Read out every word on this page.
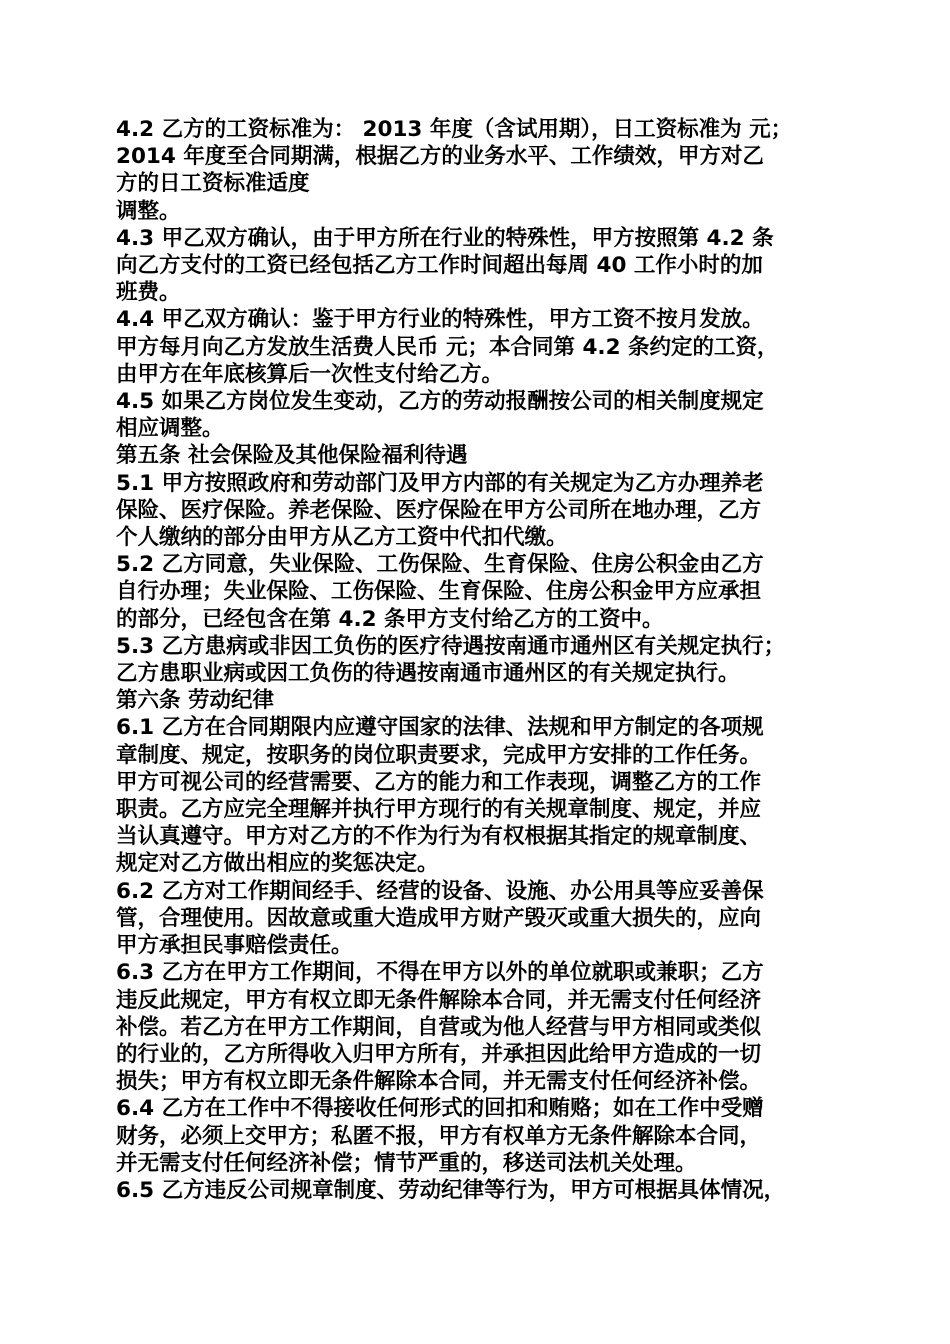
4.2 乙方的工资标准为： 2013 年度（含试用期），日工资标准为 元；
2014 年度至合同期满，根据乙方的业务水平、工作绩效，甲方对乙
方的日工资标准适度
调整。
4.3 甲乙双方确认，由于甲方所在行业的特殊性，甲方按照第 4.2 条
向乙方支付的工资已经包括乙方工作时间超出每周 40 工作小时的加
班费。
4.4 甲乙双方确认：鉴于甲方行业的特殊性，甲方工资不按月发放。
甲方每月向乙方发放生活费人民币 元；本合同第 4.2 条约定的工资，
由甲方在年底核算后一次性支付给乙方。
4.5 如果乙方岗位发生变动，乙方的劳动报酬按公司的相关制度规定
相应调整。
第五条 社会保险及其他保险福利待遇
5.1 甲方按照政府和劳动部门及甲方内部的有关规定为乙方办理养老
保险、医疗保险。养老保险、医疗保险在甲方公司所在地办理，乙方
个人缴纳的部分由甲方从乙方工资中代扣代缴。
5.2 乙方同意，失业保险、工伤保险、生育保险、住房公积金由乙方
自行办理；失业保险、工伤保险、生育保险、住房公积金甲方应承担
的部分，已经包含在第 4.2 条甲方支付给乙方的工资中。
5.3 乙方患病或非因工负伤的医疗待遇按南通市通州区有关规定执行；
乙方患职业病或因工负伤的待遇按南通市通州区的有关规定执行。
第六条 劳动纪律
6.1 乙方在合同期限内应遵守国家的法律、法规和甲方制定的各项规
章制度、规定，按职务的岗位职责要求，完成甲方安排的工作任务。
甲方可视公司的经营需要、乙方的能力和工作表现，调整乙方的工作
职责。乙方应完全理解并执行甲方现行的有关规章制度、规定，并应
当认真遵守。甲方对乙方的不作为行为有权根据其指定的规章制度、
规定对乙方做出相应的奖惩决定。
6.2 乙方对工作期间经手、经营的设备、设施、办公用具等应妥善保
管，合理使用。因故意或重大造成甲方财产毁灭或重大损失的，应向
甲方承担民事赔偿责任。
6.3 乙方在甲方工作期间，不得在甲方以外的单位就职或兼职；乙方
违反此规定，甲方有权立即无条件解除本合同，并无需支付任何经济
补偿。若乙方在甲方工作期间，自营或为他人经营与甲方相同或类似
的行业的，乙方所得收入归甲方所有，并承担因此给甲方造成的一切
损失；甲方有权立即无条件解除本合同，并无需支付任何经济补偿。
6.4 乙方在工作中不得接收任何形式的回扣和贿赂；如在工作中受赠
财务，必须上交甲方；私匿不报，甲方有权单方无条件解除本合同，
并无需支付任何经济补偿；情节严重的，移送司法机关处理。
6.5 乙方违反公司规章制度、劳动纪律等行为，甲方可根据具体情况，
